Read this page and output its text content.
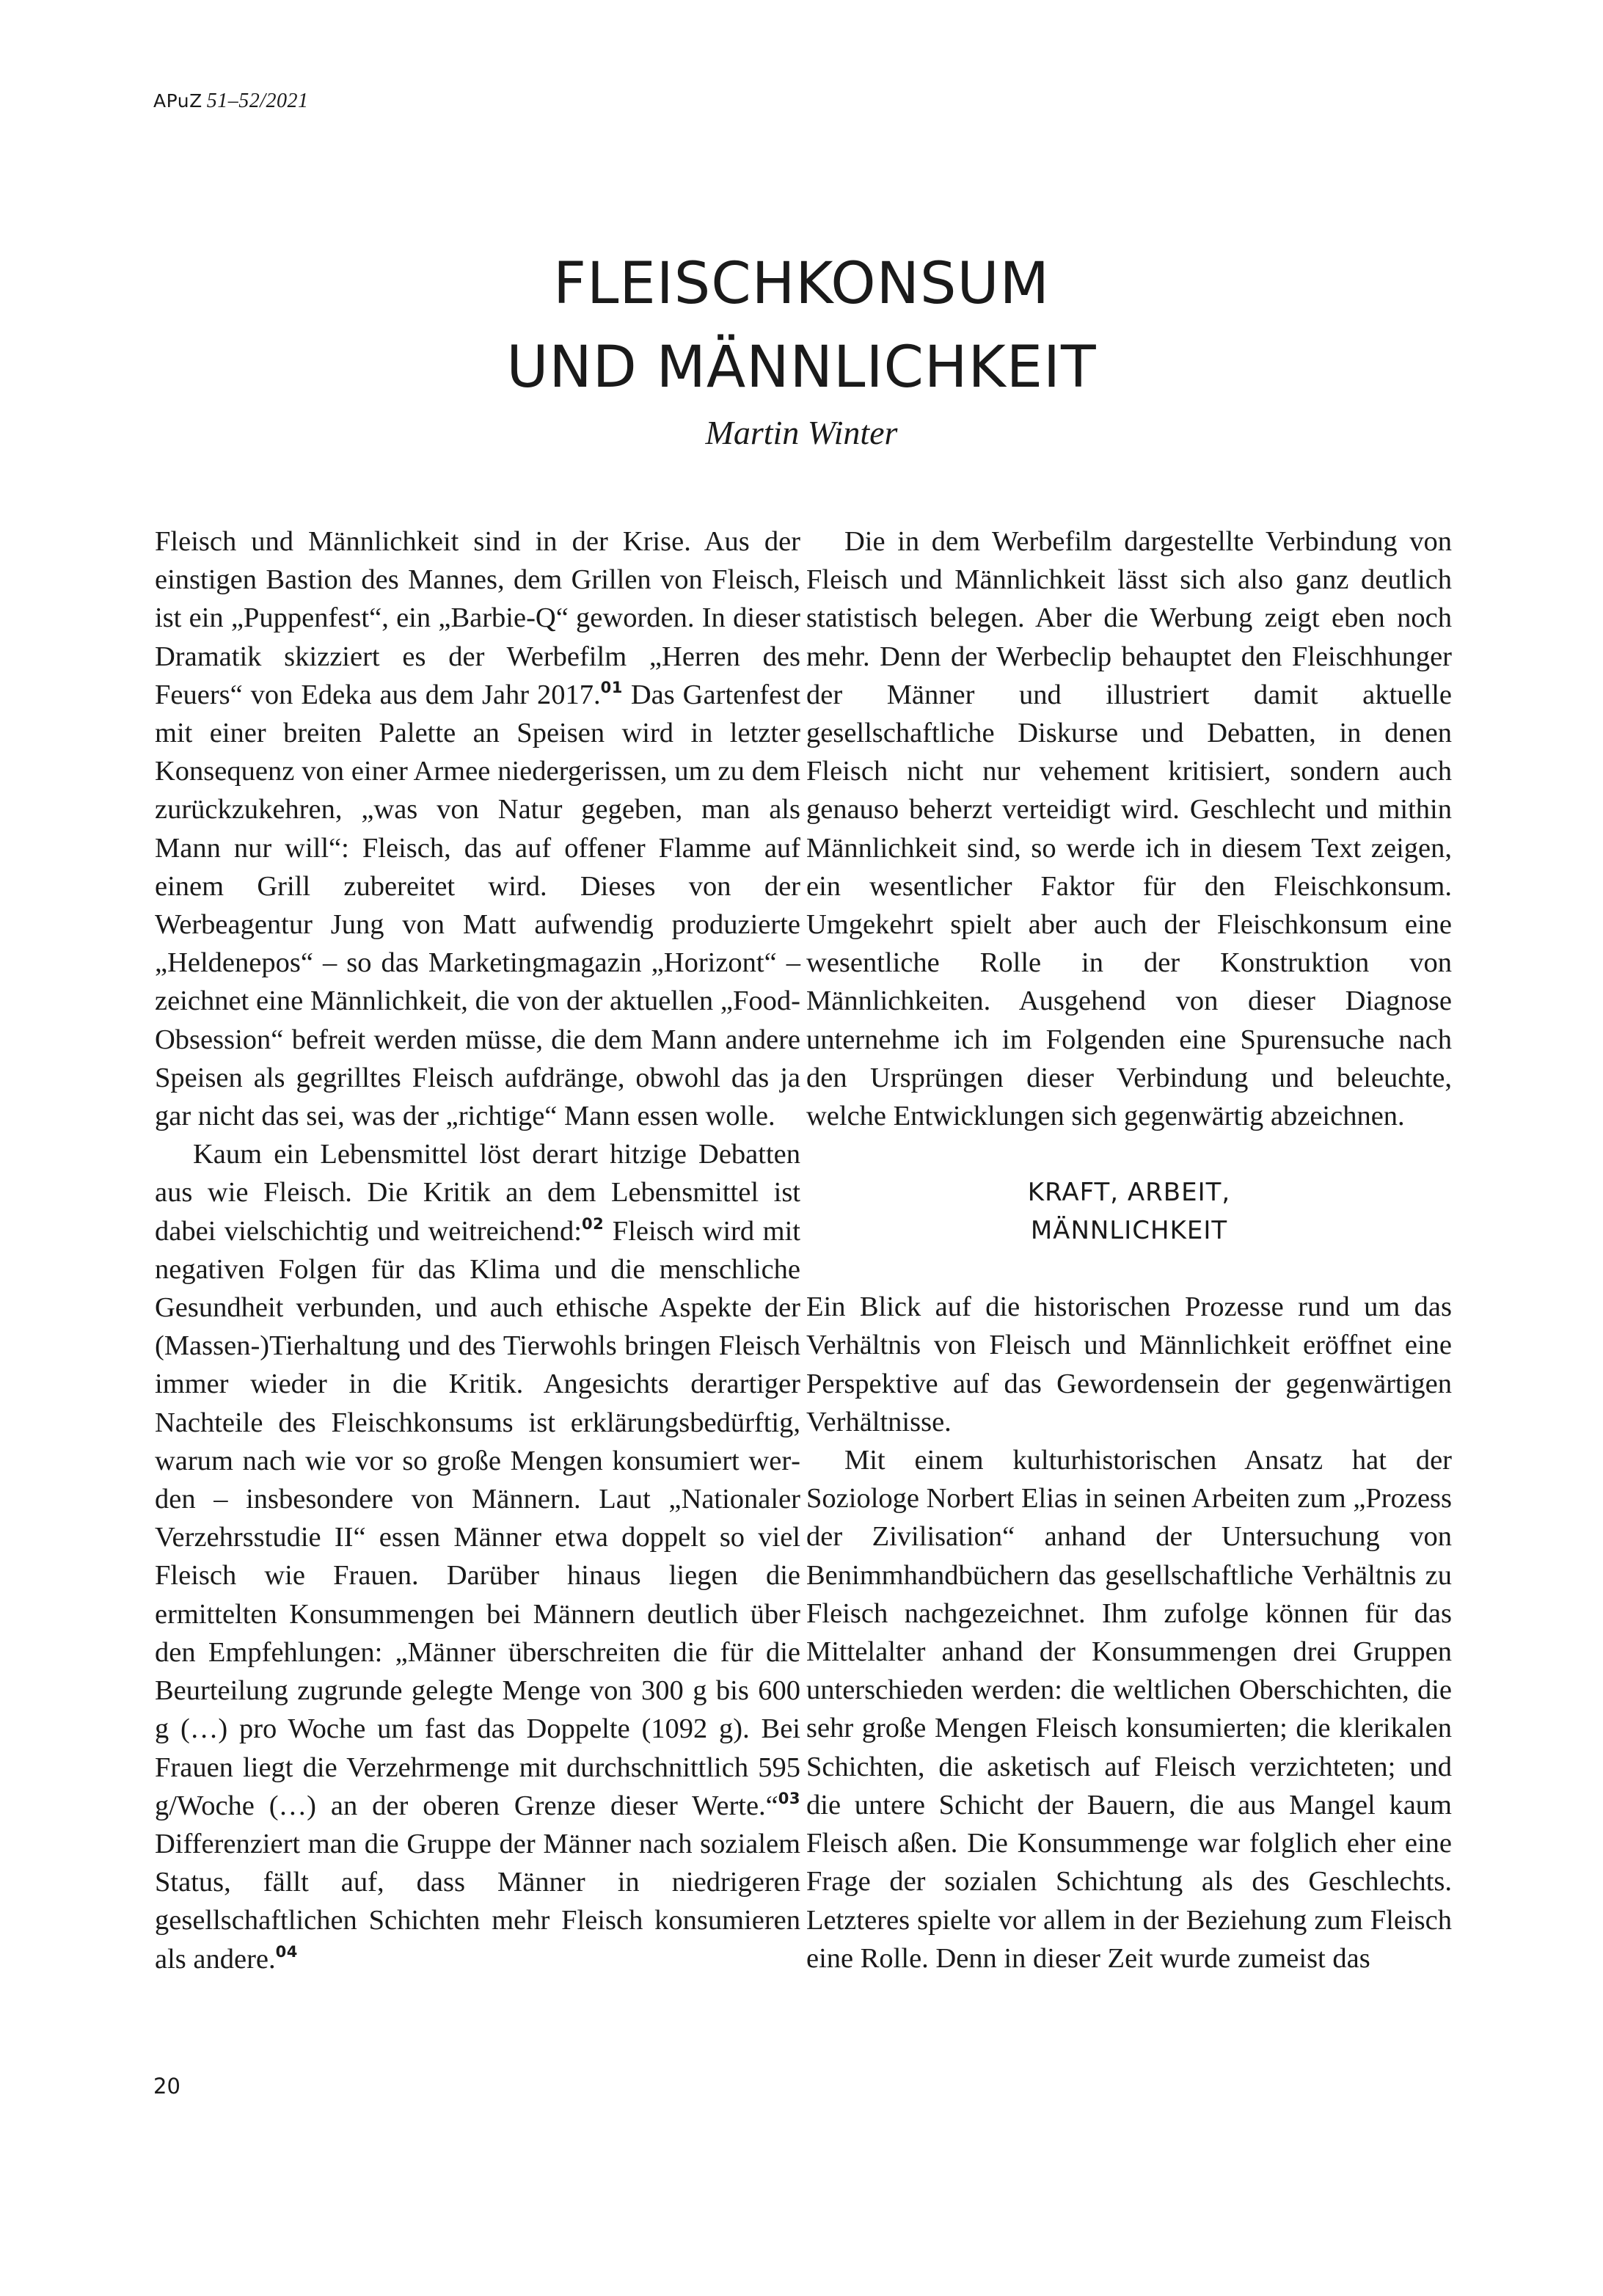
APuZ 51–52/2021
FLEISCHKONSUM
UND MÄNNLICHKEIT
Martin Winter

Fleisch und Männlichkeit sind in der Krise. Aus der einstigen Bastion des Mannes, dem Grillen von Fleisch, ist ein „Puppenfest“, ein „Barbie-Q“ geworden. In dieser Dramatik skizziert es der Werbefilm „Herren des Feuers“ von Edeka aus dem Jahr 2017.01 Das Gartenfest mit einer breiten Palette an Speisen wird in letzter Konsequenz von einer Armee niedergerissen, um zu dem zurückzukehren, „was von Natur gegeben, man als Mann nur will“: Fleisch, das auf offener Flamme auf einem Grill zubereitet wird. Dieses von der Werbeagentur Jung von Matt aufwendig produzierte „Heldenepos“ – so das Marketingmagazin „Horizont“ – zeichnet eine Männlichkeit, die von der aktuellen „Food-Obsession“ befreit werden müsse, die dem Mann andere Speisen als gegrilltes Fleisch aufdränge, obwohl das ja gar nicht das sei, was der „richtige“ Mann essen wolle.

Kaum ein Lebensmittel löst derart hitzige Debatten aus wie Fleisch. Die Kritik an dem Lebensmittel ist dabei vielschichtig und weitreichend:$^{02}$ Fleisch wird mit negativen Folgen für das Klima und die menschliche Gesundheit verbunden, und auch ethische Aspekte der (Massen-)Tierhaltung und des Tierwohls bringen Fleisch immer wieder in die Kritik. Angesichts derartiger Nachteile des Fleischkonsums ist erklärungsbedürftig, warum nach wie vor so große Mengen konsumiert werden – insbesondere von Männern. Laut „Nationaler Verzehrsstudie II“ essen Männer etwa doppelt so viel Fleisch wie Frauen. Darüber hinaus liegen die ermittelten Konsummengen bei Männern deutlich über den Empfehlungen: „Männer überschreiten die für die Beurteilung zugrunde gelegte Menge von 300 g bis 600 g (…) pro Woche um fast das Doppelte (1092 g). Bei Frauen liegt die Verzehrmenge mit durchschnittlich 595 g/Woche (…) an der oberen Grenze dieser Werte.“$^{03}$ Differenziert man die Gruppe der Männer nach sozialem Status, fällt auf, dass Männer in niedrigeren gesellschaftlichen Schichten mehr Fleisch konsumieren als andere.$^{04}$

Die in dem Werbefilm dargestellte Verbindung von Fleisch und Männlichkeit lässt sich also ganz deutlich statistisch belegen. Aber die Werbung zeigt eben noch mehr. Denn der Werbeclip behauptet den Fleischhunger der Männer und illustriert damit aktuelle gesellschaftliche Diskurse und Debatten, in denen Fleisch nicht nur vehement kritisiert, sondern auch genauso beherzt verteidigt wird. Geschlecht und mithin Männlichkeit sind, so werde ich in diesem Text zeigen, ein wesentlicher Faktor für den Fleischkonsum. Umgekehrt spielt aber auch der Fleischkonsum eine wesentliche Rolle in der Konstruktion von Männlichkeiten. Ausgehend von dieser Diagnose unternehme ich im Folgenden eine Spurensuche nach den Ursprüngen dieser Verbindung und beleuchte, welche Entwicklungen sich gegenwärtig abzeichnen.

KRAFT, ARBEIT,
MÄNNLICHKEIT

Ein Blick auf die historischen Prozesse rund um das Verhältnis von Fleisch und Männlichkeit eröffnet eine Perspektive auf das Gewordensein der gegenwärtigen Verhältnisse.

Mit einem kulturhistorischen Ansatz hat der Soziologe Norbert Elias in seinen Arbeiten zum „Prozess der Zivilisation“ anhand der Untersuchung von Benimmhandbüchern das gesellschaftliche Verhältnis zu Fleisch nachgezeichnet. Ihm zufolge können für das Mittelalter anhand der Konsummengen drei Gruppen unterschieden werden: die weltlichen Oberschichten, die sehr große Mengen Fleisch konsumierten; die klerikalen Schichten, die asketisch auf Fleisch verzichteten; und die untere Schicht der Bauern, die aus Mangel kaum Fleisch aßen. Die Konsummenge war folglich eher eine Frage der sozialen Schichtung als des Geschlechts. Letzteres spielte vor allem in der Beziehung zum Fleisch eine Rolle. Denn in dieser Zeit wurde zumeist das

20
